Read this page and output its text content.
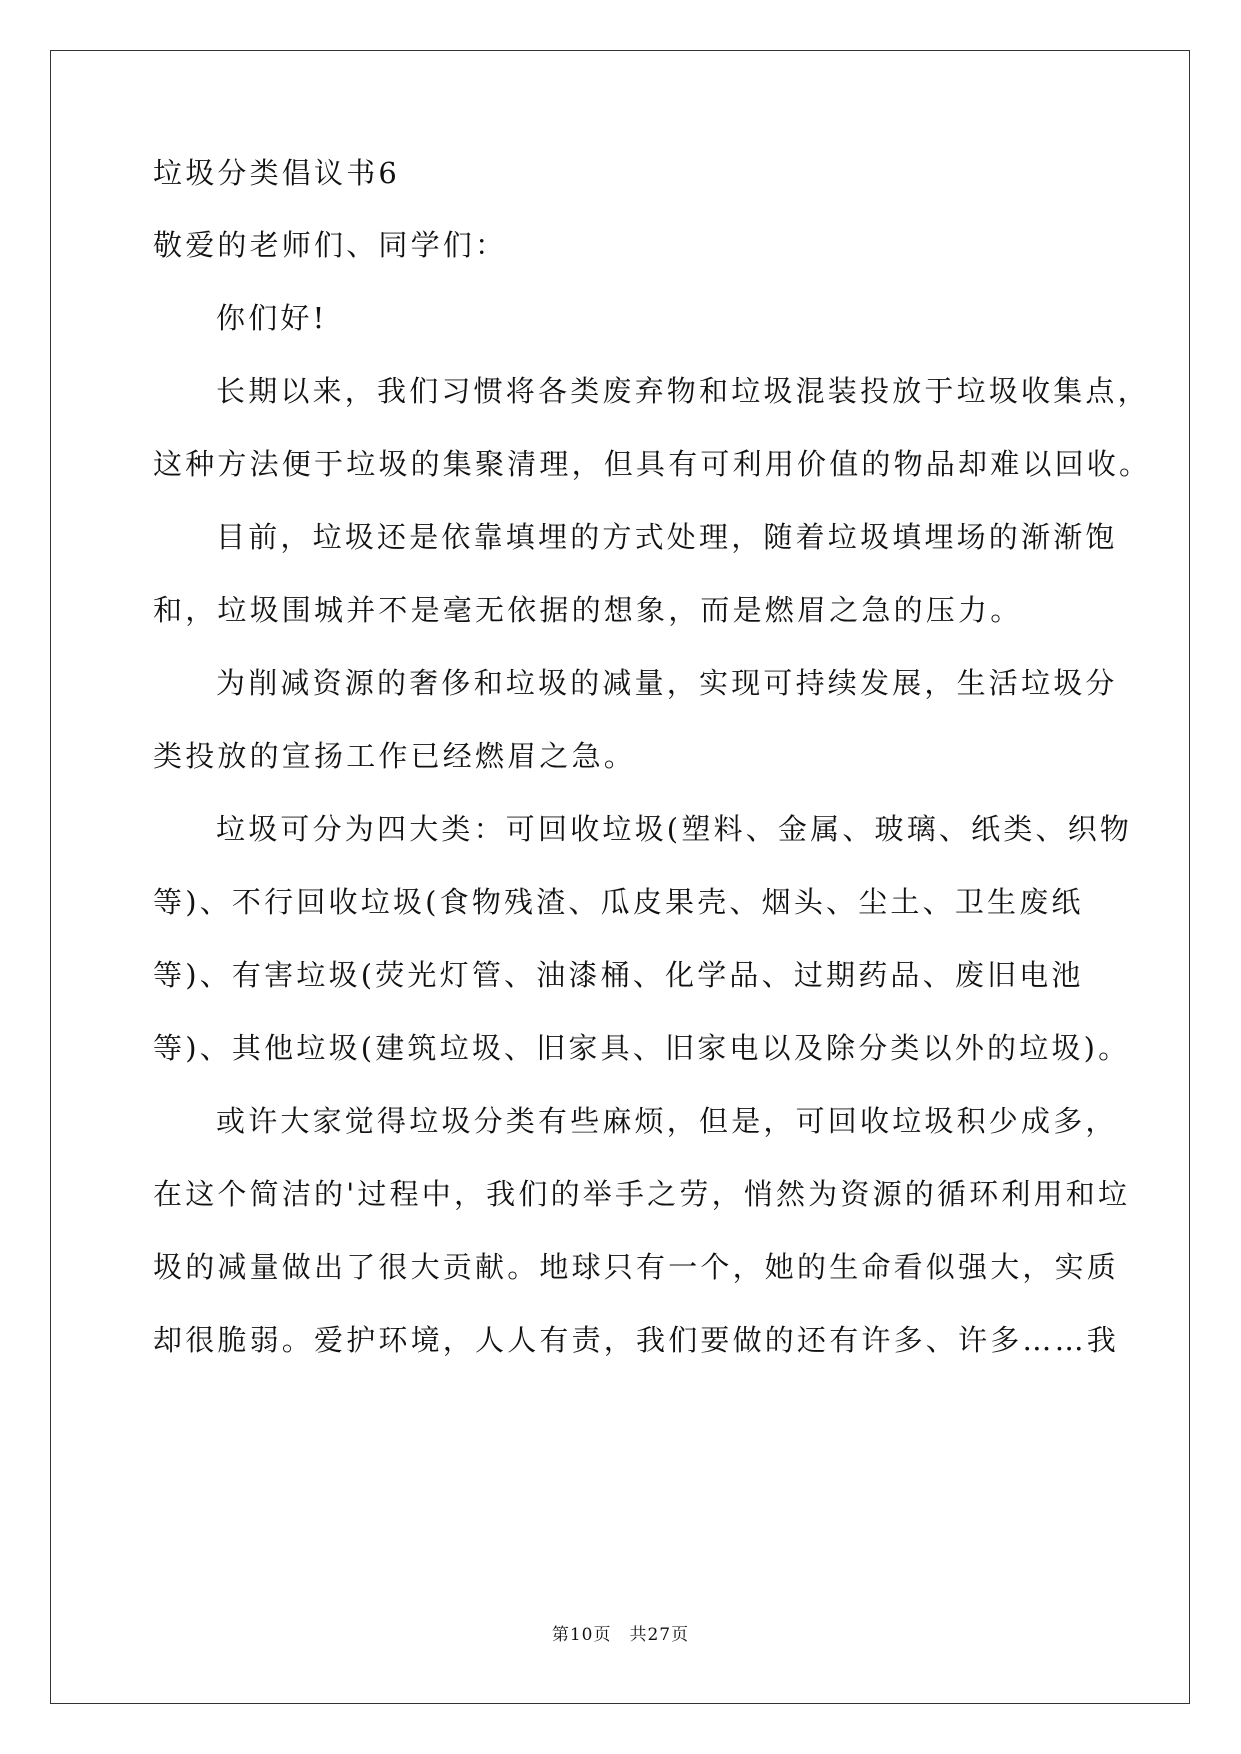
垃圾分类倡议书6
敬爱的老师们、同学们：
你们好!
长期以来，我们习惯将各类废弃物和垃圾混装投放于垃圾收集点，
这种方法便于垃圾的集聚清理，但具有可利用价值的物品却难以回收。
目前，垃圾还是依靠填埋的方式处理，随着垃圾填埋场的渐渐饱
和，垃圾围城并不是毫无依据的想象，而是燃眉之急的压力。
为削减资源的奢侈和垃圾的减量，实现可持续发展，生活垃圾分
类投放的宣扬工作已经燃眉之急。
垃圾可分为四大类：可回收垃圾(塑料、金属、玻璃、纸类、织物
等)、不行回收垃圾(食物残渣、瓜皮果壳、烟头、尘土、卫生废纸
等)、有害垃圾(荧光灯管、油漆桶、化学品、过期药品、废旧电池
等)、其他垃圾(建筑垃圾、旧家具、旧家电以及除分类以外的垃圾)。
或许大家觉得垃圾分类有些麻烦，但是，可回收垃圾积少成多，
在这个简洁的'过程中，我们的举手之劳，悄然为资源的循环利用和垃
圾的减量做出了很大贡献。地球只有一个，她的生命看似强大，实质
却很脆弱。爱护环境，人人有责，我们要做的还有许多、许多……我
第10页　共27页
